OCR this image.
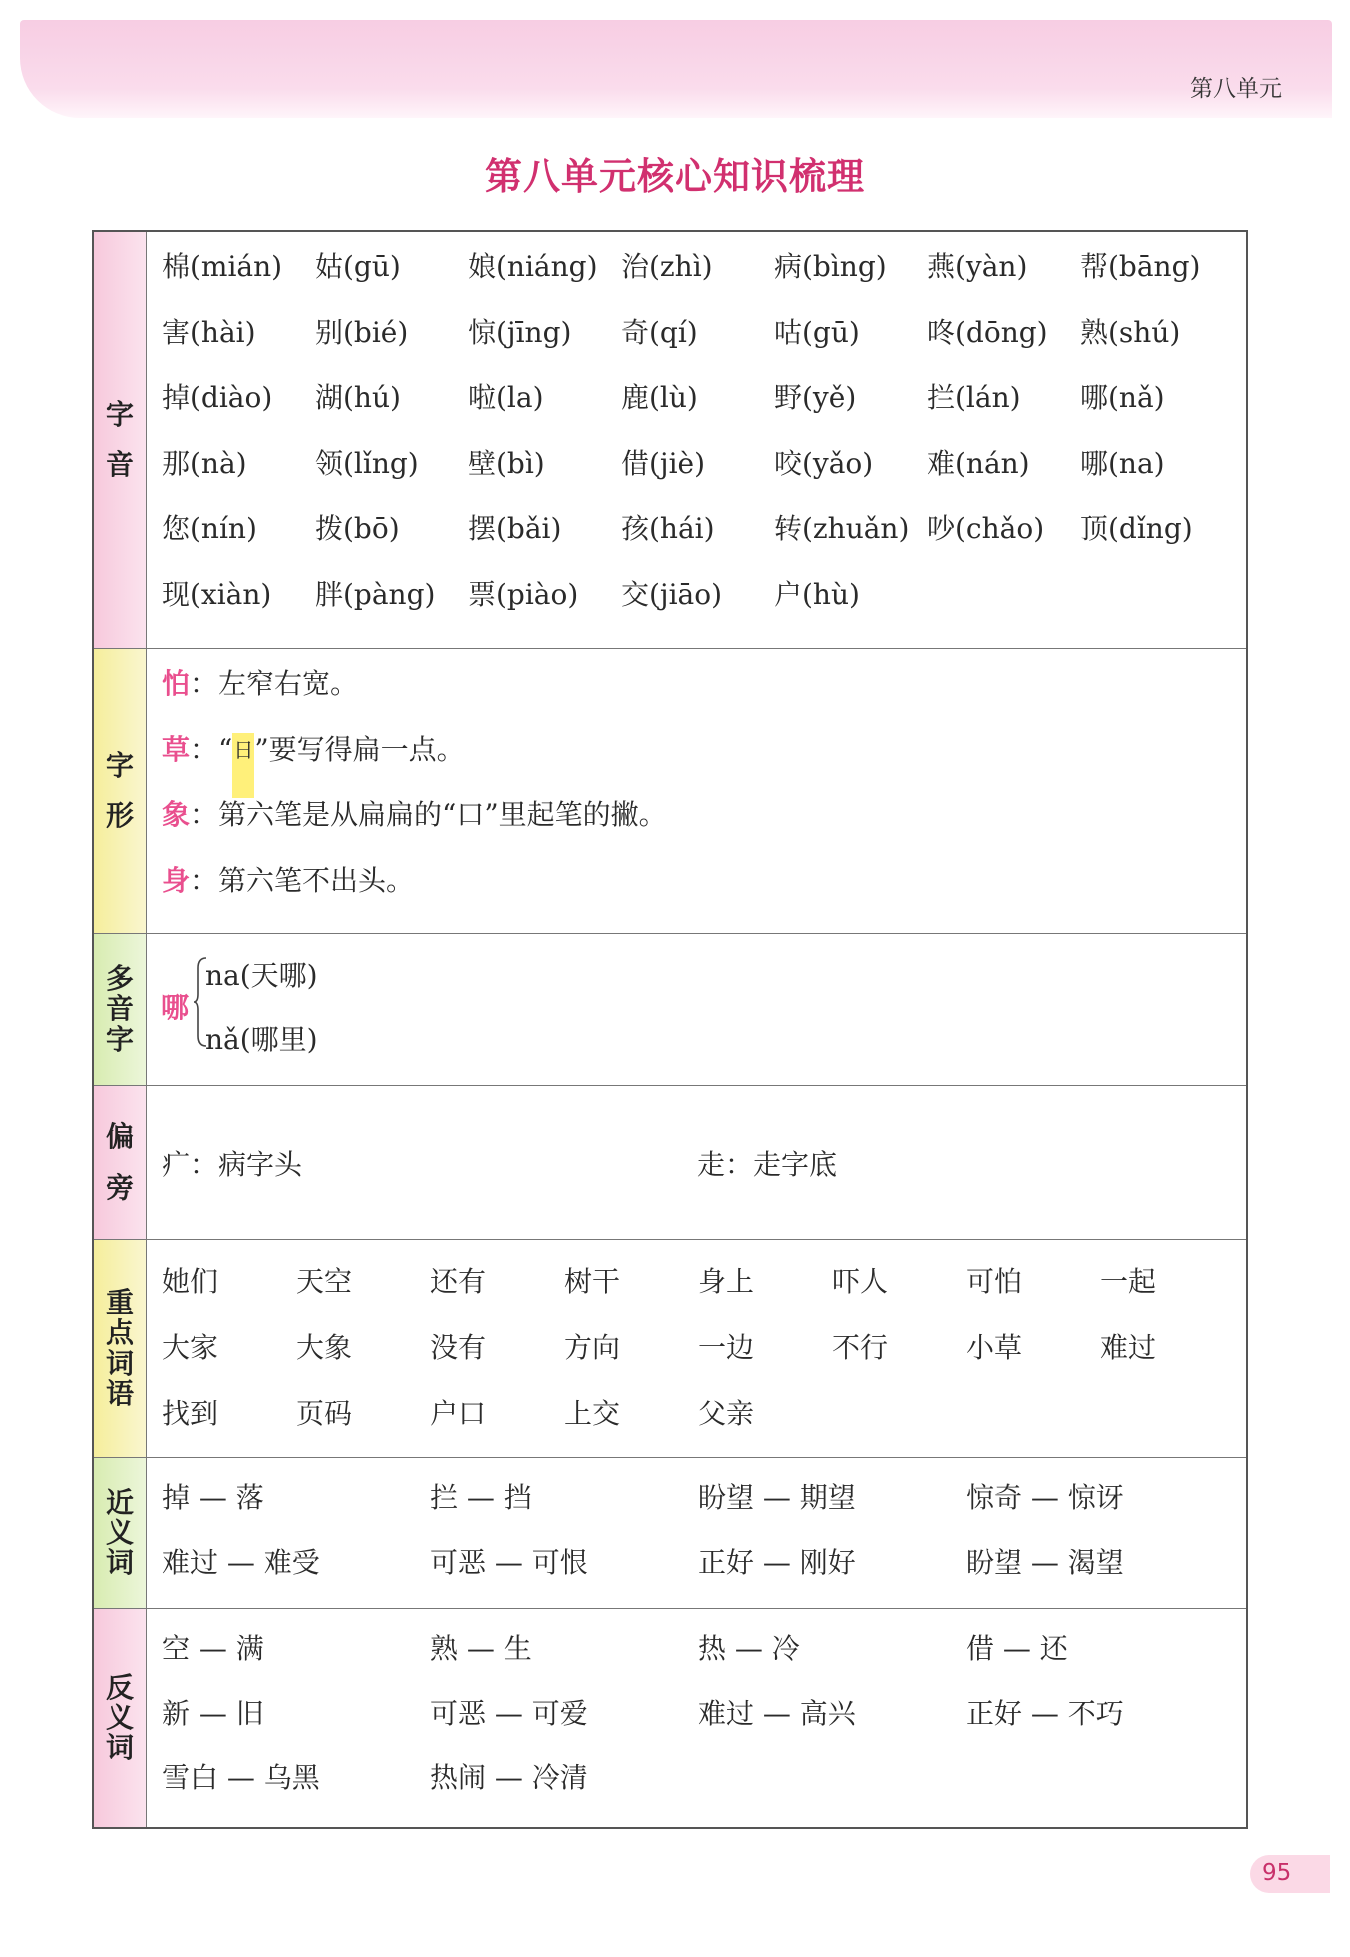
第八单元
第八单元核心知识梳理
字
音
棉(mián)	姑(gū)	娘(niáng) 治(zhì)	病(bìng)	燕(yàn)	帮(bāng)
害(hài)	别(bié)	惊(jīng)	奇(qí)	咕(gū)	咚(dōng)	熟(shú)
掉(diào)	湖(hú)	啦(la)	鹿(lù)	野(yě)	拦(lán)	哪(nǎ)
那(nà)	领(lǐng)	壁(bì)	借(jiè)	咬(yǎo)	难(nán)	哪(na)
您(nín)	拨(bō)	摆(bǎi)	孩(hái)	转(zhuǎn) 吵(chǎo)	顶(dǐng)
现(xiàn)	胖(pàng)	票(piào)	交(jiāo)	户(hù)
字
形
怕 ：左窄右宽。
草 ：“ 日 ”要写得扁一点。
象 ：第六笔是从扁扁的“口”里起笔的撇。
身 ：第六笔不出头。
多
音
字
哪
na(天哪)
nǎ(哪里)
偏
旁
疒：病字头	走：走字底
重
点
词
语
她们	天空	还有	树干	身上	吓人	可怕	一起
大家	大象	没有	方向	一边	不行	小草	难过
找到	页码	户口	上交	父亲
近
义
词
掉 — 落	拦 — 挡	盼望 — 期望	惊奇 — 惊讶
难过 — 难受	可恶 — 可恨	正好 — 刚好	盼望 — 渴望
反
义
词
空 — 满	熟 — 生	热 — 冷	借 — 还
新 — 旧	可恶 — 可爱	难过 — 高兴	正好 — 不巧
雪白 — 乌黑	热闹 — 冷清
95
